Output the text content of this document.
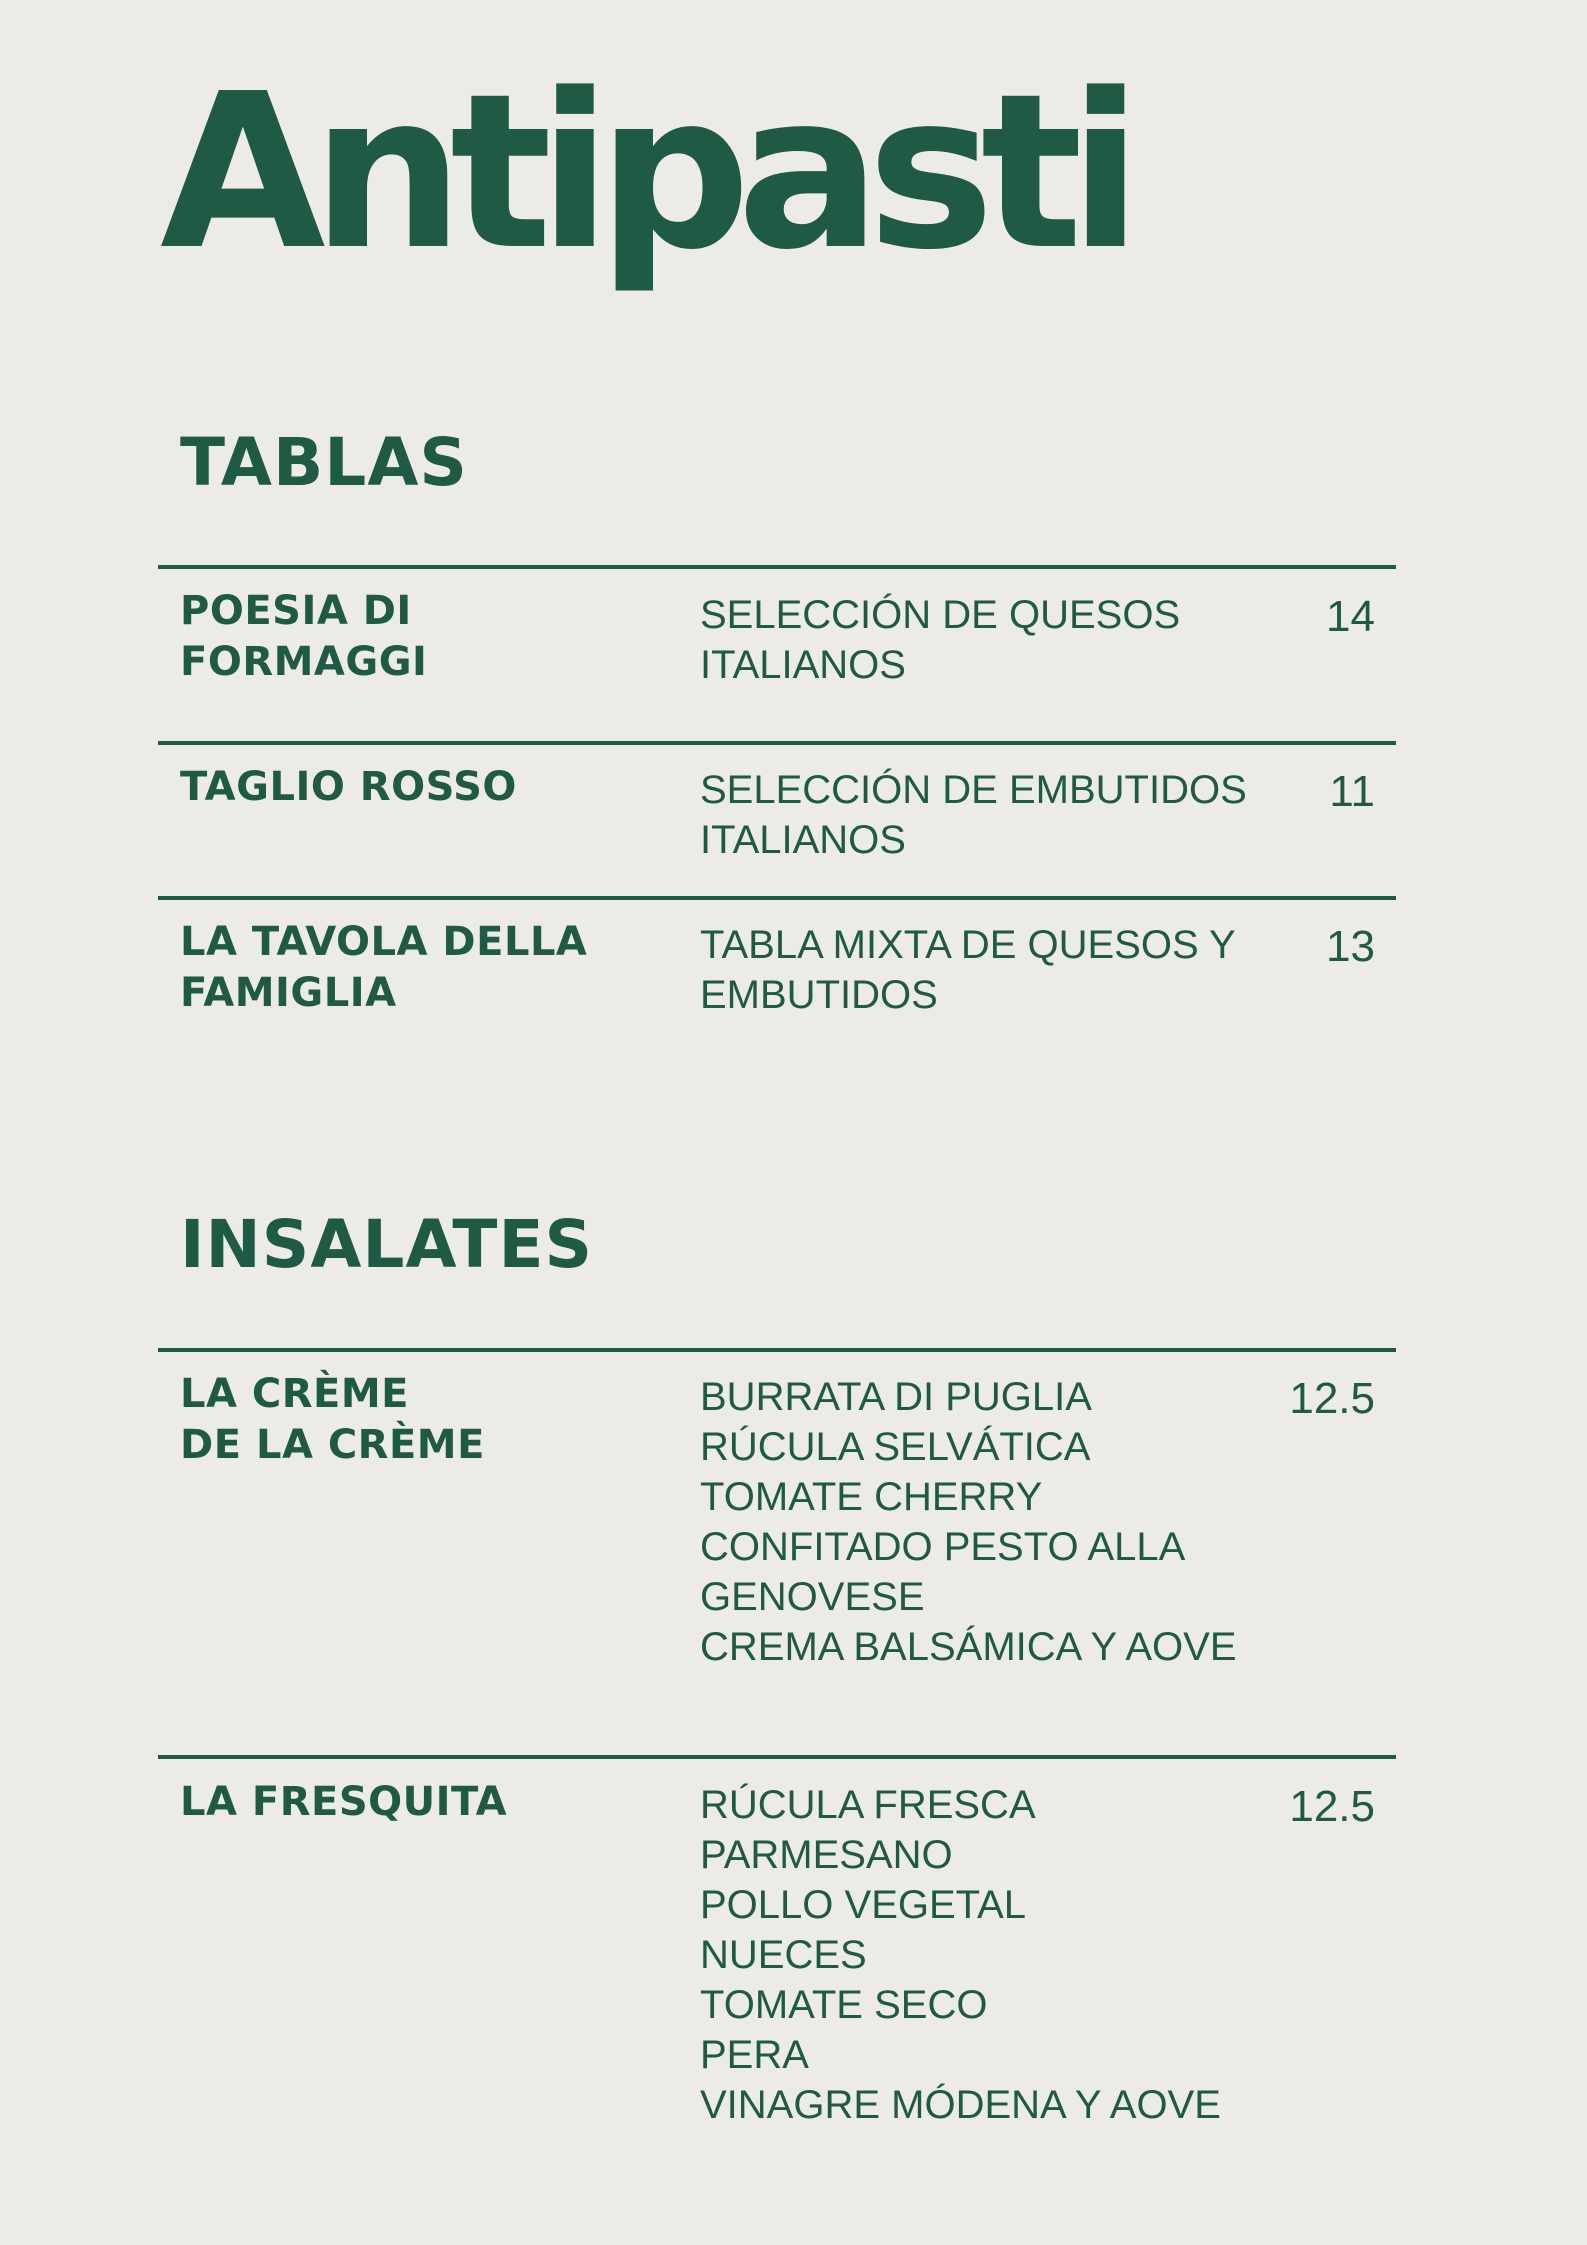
Antipasti
TABLAS
POESIA DI
FORMAGGI
SELECCIÓN DE QUESOS
ITALIANOS
14
TAGLIO ROSSO	SELECCIÓN DE EMBUTIDOS
ITALIANOS
11
LA TAVOLA DELLA
FAMIGLIA
TABLA MIXTA DE QUESOS Y
EMBUTIDOS
13
INSALATES
LA CRÈME
DE LA CRÈME
BURRATA DI PUGLIA
RÚCULA SELVÁTICA
TOMATE CHERRY
CONFITADO PESTO ALLA
GENOVESE
CREMA BALSÁMICA Y AOVE
12.5
LA FRESQUITA	RÚCULA FRESCA
PARMESANO
POLLO VEGETAL
NUECES
TOMATE SECO
PERA
VINAGRE MÓDENA Y AOVE
12.5
